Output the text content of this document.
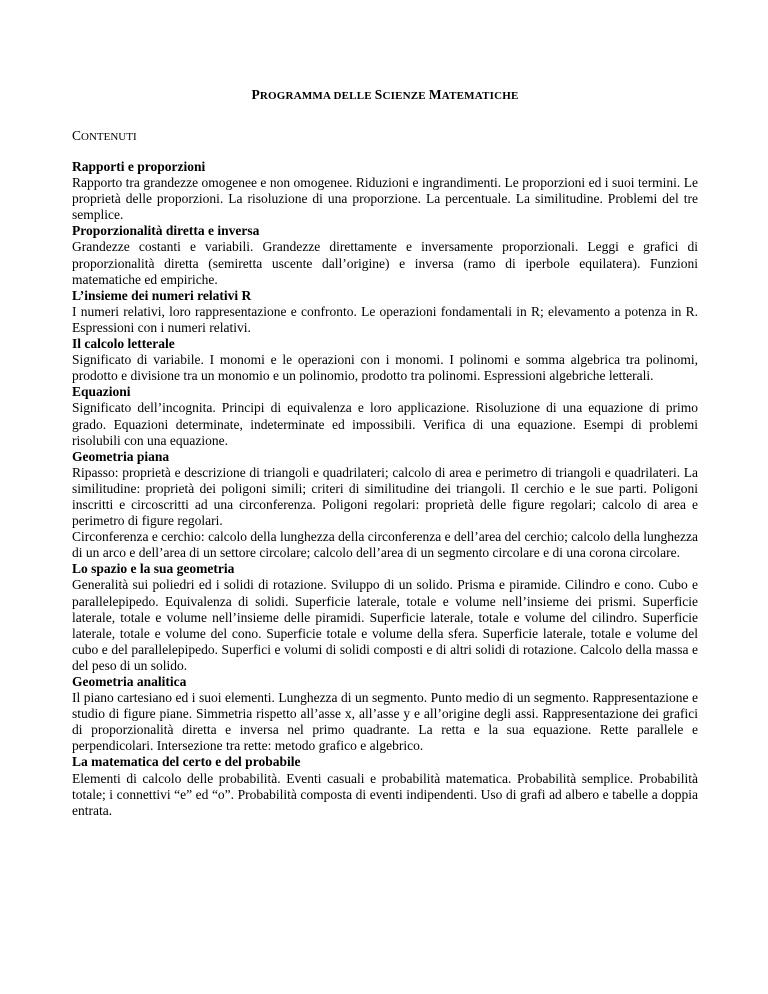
PROGRAMMA DELLE SCIENZE MATEMATICHE
CONTENUTI
Rapporti e proporzioni

Rapporto tra grandezze omogenee e non omogenee. Riduzioni e ingrandimenti. Le proporzioni ed i suoi termini. Le proprietà delle proporzioni. La risoluzione di una proporzione. La percentuale. La similitudine. Problemi del tre semplice.

Proporzionalità diretta e inversa

Grandezze costanti e variabili. Grandezze direttamente e inversamente proporzionali. Leggi e grafici di proporzionalità diretta (semiretta uscente dall’origine) e inversa (ramo di iperbole equilatera). Funzioni matematiche ed empiriche.

L’insieme dei numeri relativi R

I numeri relativi, loro rappresentazione e confronto. Le operazioni fondamentali in R; elevamento a potenza in R. Espressioni con i numeri relativi.

Il calcolo letterale

Significato di variabile. I monomi e le operazioni con i monomi. I polinomi e somma algebrica tra polinomi, prodotto e divisione tra un monomio e un polinomio, prodotto tra polinomi. Espressioni algebriche letterali.

Equazioni

Significato dell’incognita. Principi di equivalenza e loro applicazione. Risoluzione di una equazione di primo grado. Equazioni determinate, indeterminate ed impossibili. Verifica di una equazione. Esempi di problemi risolubili con una equazione.

Geometria piana

Ripasso: proprietà e descrizione di triangoli e quadrilateri; calcolo di area e perimetro di triangoli e quadrilateri. La similitudine: proprietà dei poligoni simili; criteri di similitudine dei triangoli. Il cerchio e le sue parti. Poligoni inscritti e circoscritti ad una circonferenza. Poligoni regolari: proprietà delle figure regolari; calcolo di area e perimetro di figure regolari.

Circonferenza e cerchio: calcolo della lunghezza della circonferenza e dell’area del cerchio; calcolo della lunghezza di un arco e dell’area di un settore circolare; calcolo dell’area di un segmento circolare e di una corona circolare.

Lo spazio e la sua geometria

Generalità sui poliedri ed i solidi di rotazione. Sviluppo di un solido. Prisma e piramide. Cilindro e cono. Cubo e parallelepipedo. Equivalenza di solidi. Superficie laterale, totale e volume nell’insieme dei prismi. Superficie laterale, totale e volume nell’insieme delle piramidi. Superficie laterale, totale e volume del cilindro. Superficie laterale, totale e volume del cono. Superficie totale e volume della sfera. Superficie laterale, totale e volume del cubo e del parallelepipedo. Superfici e volumi di solidi composti e di altri solidi di rotazione. Calcolo della massa e del peso di un solido.

Geometria analitica

Il piano cartesiano ed i suoi elementi. Lunghezza di un segmento. Punto medio di un segmento. Rappresentazione e studio di figure piane. Simmetria rispetto all’asse x, all’asse y e all’origine degli assi. Rappresentazione dei grafici di proporzionalità diretta e inversa nel primo quadrante. La retta e la sua equazione. Rette parallele e perpendicolari. Intersezione tra rette: metodo grafico e algebrico.

La matematica del certo e del probabile

Elementi di calcolo delle probabilità. Eventi casuali e probabilità matematica. Probabilità semplice. Probabilità totale; i connettivi “e” ed “o”. Probabilità composta di eventi indipendenti. Uso di grafi ad albero e tabelle a doppia entrata.
